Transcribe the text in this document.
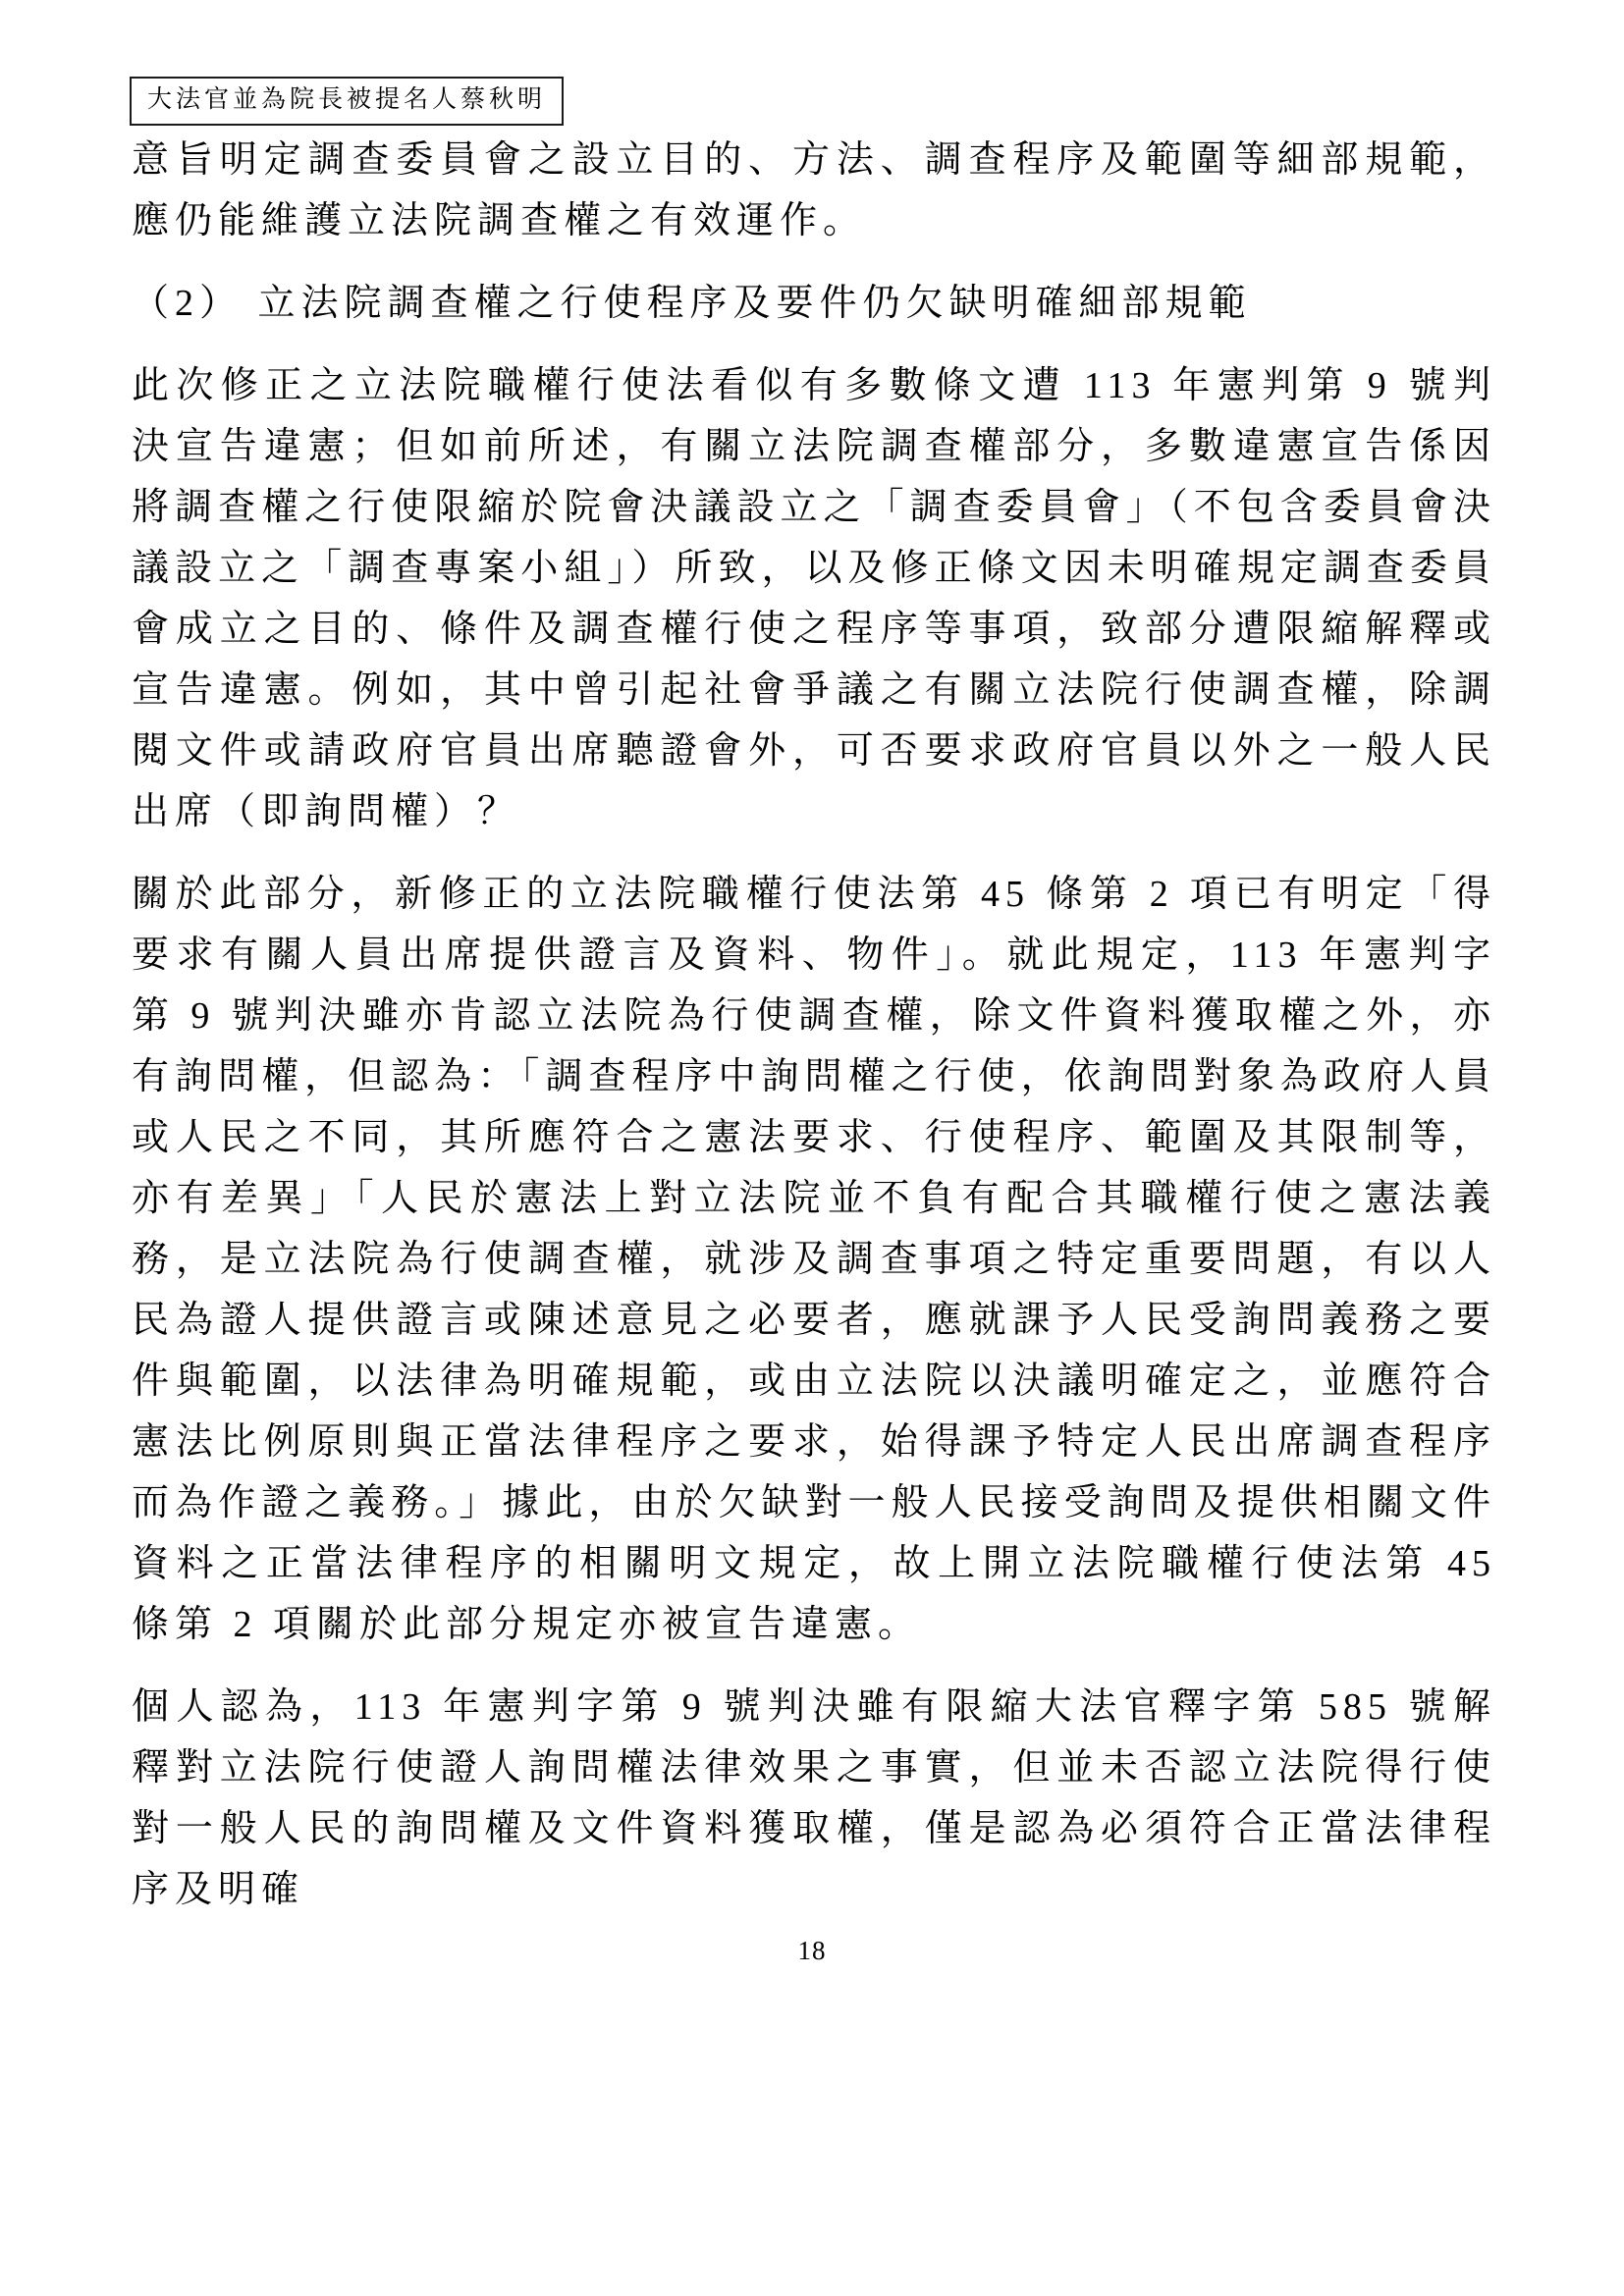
大法官並為院長被提名人蔡秋明

意旨明定調查委員會之設立目的、方法、調查程序及範圍等細部規範，應仍能維護立法院調查權之有效運作。

（2） 立法院調查權之行使程序及要件仍欠缺明確細部規範

此次修正之立法院職權行使法看似有多數條文遭 113 年憲判第 9 號判決宣告違憲；但如前所述，有關立法院調查權部分，多數違憲宣告係因將調查權之行使限縮於院會決議設立之「調查委員會」（不包含委員會決議設立之「調查專案小組」）所致，以及修正條文因未明確規定調查委員會成立之目的、條件及調查權行使之程序等事項，致部分遭限縮解釋或宣告違憲。例如，其中曾引起社會爭議之有關立法院行使調查權，除調閱文件或請政府官員出席聽證會外，可否要求政府官員以外之一般人民出席（即詢問權）？

關於此部分，新修正的立法院職權行使法第 45 條第 2 項已有明定「得要求有關人員出席提供證言及資料、物件」。就此規定，113 年憲判字第 9 號判決雖亦肯認立法院為行使調查權，除文件資料獲取權之外，亦有詢問權，但認為：「調查程序中詢問權之行使，依詢問對象為政府人員或人民之不同，其所應符合之憲法要求、行使程序、範圍及其限制等，亦有差異」「人民於憲法上對立法院並不負有配合其職權行使之憲法義務，是立法院為行使調查權，就涉及調查事項之特定重要問題，有以人民為證人提供證言或陳述意見之必要者，應就課予人民受詢問義務之要件與範圍，以法律為明確規範，或由立法院以決議明確定之，並應符合憲法比例原則與正當法律程序之要求，始得課予特定人民出席調查程序而為作證之義務。」據此，由於欠缺對一般人民接受詢問及提供相關文件資料之正當法律程序的相關明文規定，故上開立法院職權行使法第 45 條第 2 項關於此部分規定亦被宣告違憲。

個人認為，113 年憲判字第 9 號判決雖有限縮大法官釋字第 585 號解釋對立法院行使證人詢問權法律效果之事實，但並未否認立法院得行使對一般人民的詢問權及文件資料獲取權，僅是認為必須符合正當法律程序及明確

18
